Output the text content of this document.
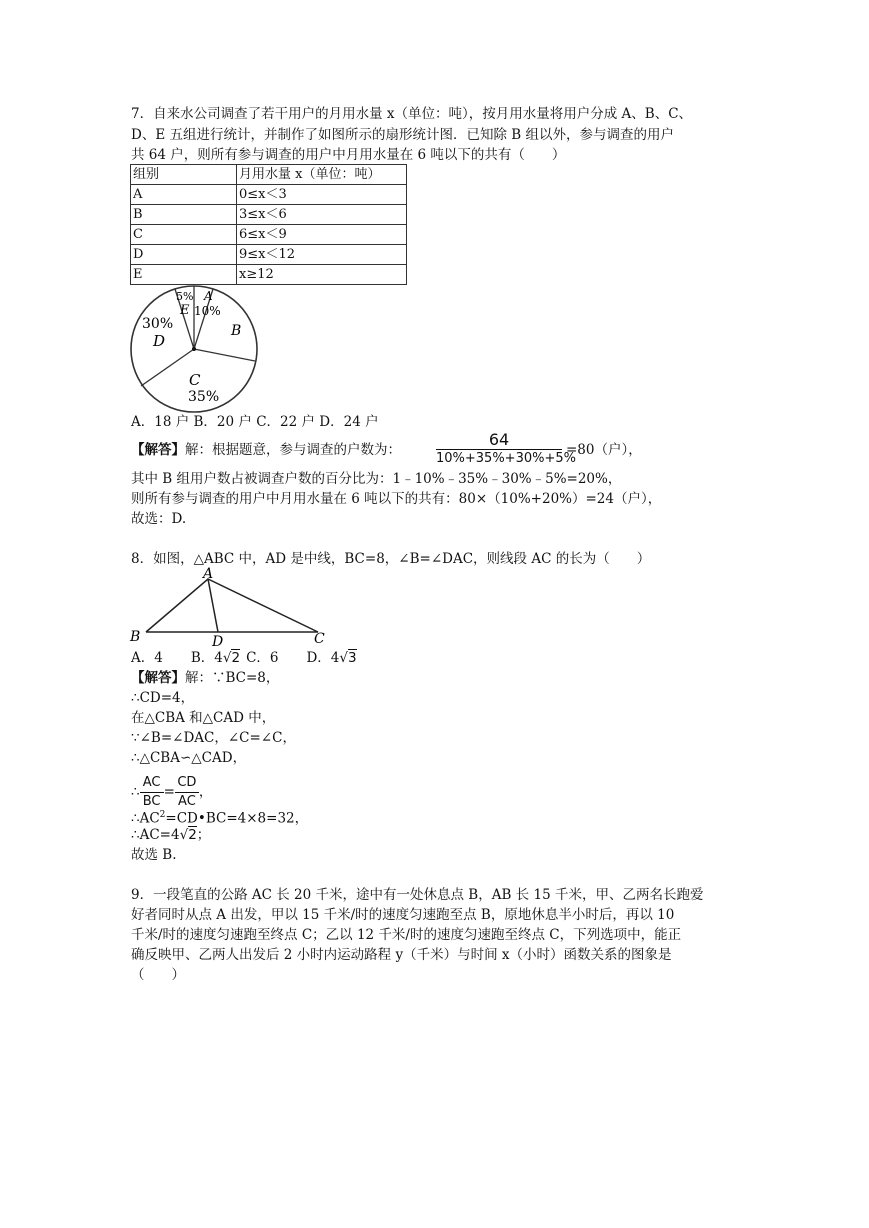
7．自来水公司调查了若干用户的月用水量 x（单位：吨），按月用水量将用户分成 A、B、C、
D、E 五组进行统计，并制作了如图所示的扇形统计图．已知除 B 组以外，参与调查的用户
共 64 户，则所有参与调查的用户中月用水量在 6 吨以下的共有（　　）
组别	月用水量 x（单位：吨）
A	0≤x＜3
B	3≤x＜6
C	6≤x＜9
D	9≤x＜12
E	x≥12
5%
E
A
10%
B
30%
D
C
35%
A．18 户 B．20 户 C．22 户 D．24 户
【解答】解：根据题意，参与调查的户数为：
64
10%+35%+30%+5%
=80（户），
其中 B 组用户数占被调查户数的百分比为：1﹣10%﹣35%﹣30%﹣5%=20%，
则所有参与调查的用户中月用水量在 6 吨以下的共有：80×（10%+20%）=24（户），
故选：D.
8．如图，△ABC 中，AD 是中线，BC=8，∠B=∠DAC，则线段 AC 的长为（　　）
A
B	C
D
A．4 B．4√2 C．6 D．4√3
【解答】解：∵BC=8，
∴CD=4，
在△CBA 和△CAD 中，
∵∠B=∠DAC，∠C=∠C，
∴△CBA∽△CAD，
∴ $\frac{AC}{BC} = \frac{CD}{AC}$ ，
$\therefore AC^2=CD•BC=4\times 8=32$，
∴AC=4√2；
故选 B.
9．一段笔直的公路 AC 长 20 千米，途中有一处休息点 B，AB 长 15 千米，甲、乙两名长跑爱
好者同时从点 A 出发，甲以 15 千米/时的速度匀速跑至点 B，原地休息半小时后，再以 10
千米/时的速度匀速跑至终点 C；乙以 12 千米/时的速度匀速跑至终点 C，下列选项中，能正
确反映甲、乙两人出发后 2 小时内运动路程 y（千米）与时间 x（小时）函数关系的图象是
（　　）
